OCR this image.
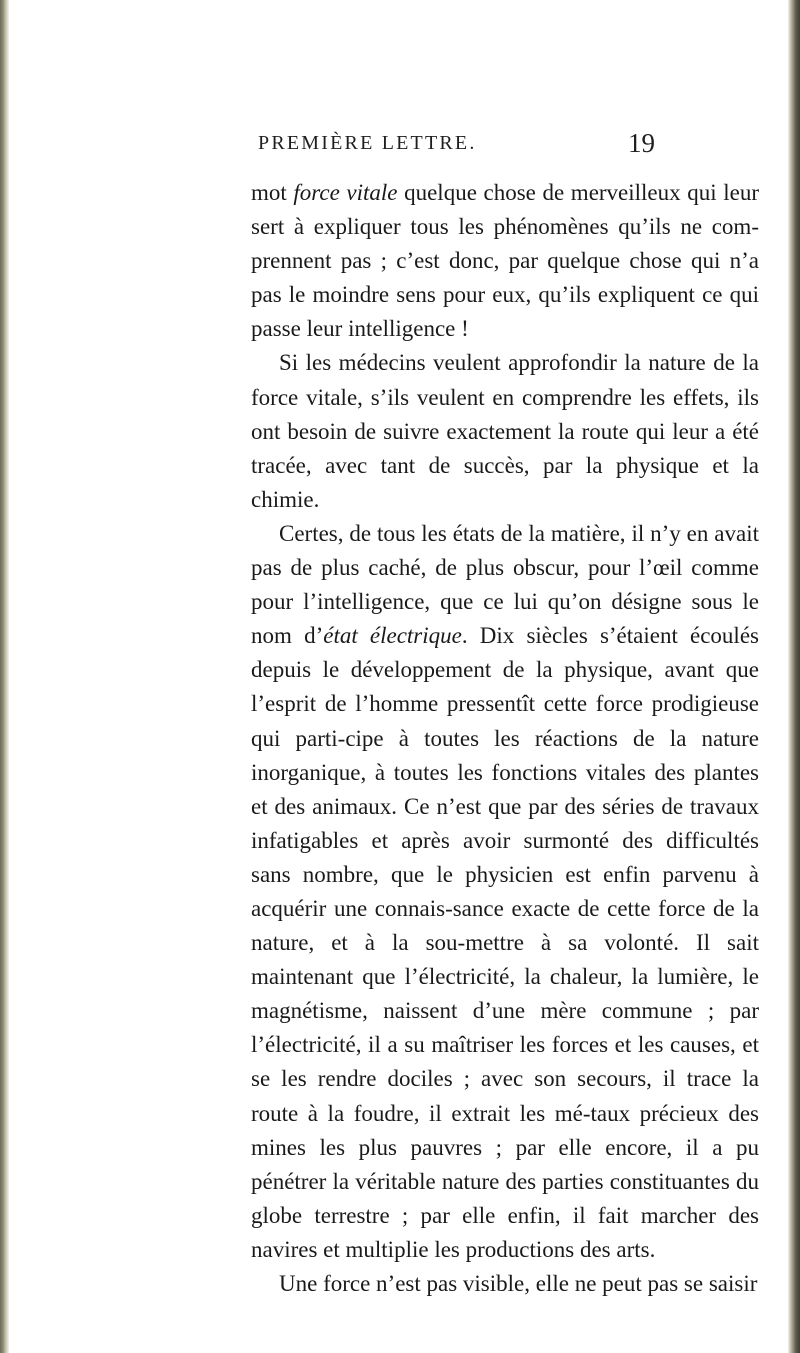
PREMIÈRE LETTRE.	19

mot force vitale quelque chose de merveilleux qui leur sert à expliquer tous les phénomènes qu’ils ne com-prennent pas ; c’est donc, par quelque chose qui n’a pas le moindre sens pour eux, qu’ils expliquent ce qui passe leur intelligence !

Si les médecins veulent approfondir la nature de la force vitale, s’ils veulent en comprendre les effets, ils ont besoin de suivre exactement la route qui leur a été tracée, avec tant de succès, par la physique et la chimie.

Certes, de tous les états de la matière, il n’y en avait pas de plus caché, de plus obscur, pour l’œil comme pour l’intelligence, que ce lui qu’on désigne sous le nom d’état électrique. Dix siècles s’étaient écoulés depuis le développement de la physique, avant que l’esprit de l’homme pressentît cette force prodigieuse qui parti-cipe à toutes les réactions de la nature inorganique, à toutes les fonctions vitales des plantes et des animaux. Ce n’est que par des séries de travaux infatigables et après avoir surmonté des difficultés sans nombre, que le physicien est enfin parvenu à acquérir une connais-sance exacte de cette force de la nature, et à la sou-mettre à sa volonté. Il sait maintenant que l’électricité, la chaleur, la lumière, le magnétisme, naissent d’une mère commune ; par l’électricité, il a su maîtriser les forces et les causes, et se les rendre dociles ; avec son secours, il trace la route à la foudre, il extrait les mé-taux précieux des mines les plus pauvres ; par elle encore, il a pu pénétrer la véritable nature des parties constituantes du globe terrestre ; par elle enfin, il fait marcher des navires et multiplie les productions des arts.

Une force n’est pas visible, elle ne peut pas se saisir
